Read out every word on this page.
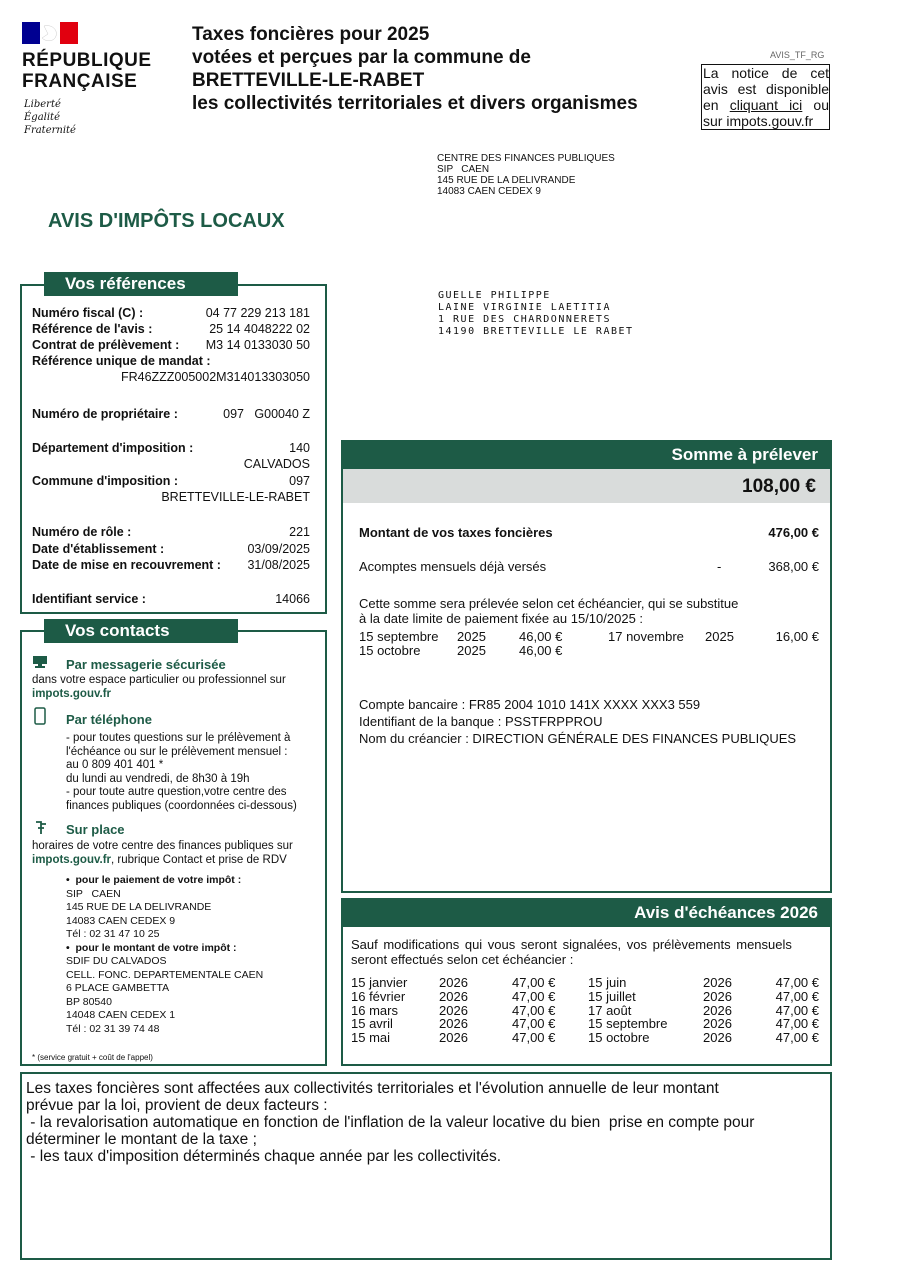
RÉPUBLIQUE
FRANÇAISE
Liberté
Égalité
Fraternité
Taxes foncières pour 2025
votées et perçues par la commune de
BRETTEVILLE-LE-RABET
les collectivités territoriales et divers organismes
AVIS_TF_RG
La notice de cet avis est disponible en cliquant ici ou sur impots.gouv.fr
CENTRE DES FINANCES PUBLIQUES
SIP   CAEN
145 RUE DE LA DELIVRANDE
14083 CAEN CEDEX 9
AVIS D'IMPÔTS LOCAUX
GUELLE PHILIPPE
LAINE VIRGINIE LAETITIA
1 RUE DES CHARDONNERETS
14190 BRETTEVILLE LE RABET
Vos références
Numéro fiscal (C) :	04 77 229 213 181
Référence de l'avis :	25 14 4048222 02
Contrat de prélèvement : M3 14 0133030 50
Référence unique de mandat :
FR46ZZZ005002M314013303050
Numéro de propriétaire :	097   G00040 Z
Département d'imposition :	140
CALVADOS
Commune d'imposition :	097
BRETTEVILLE-LE-RABET
Numéro de rôle :	221
Date d'établissement :	03/09/2025
Date de mise en recouvrement : 31/08/2025
Identifiant service :	14066
Vos contacts
Par messagerie sécurisée
dans votre espace particulier ou professionnel sur
impots.gouv.fr
Par téléphone
- pour toutes questions sur le prélèvement à
l'échéance ou sur le prélèvement mensuel :
au 0 809 401 401 *
du lundi au vendredi, de 8h30 à 19h
- pour toute autre question,votre centre des
finances publiques (coordonnées ci-dessous)
Sur place
horaires de votre centre des finances publiques sur
impots.gouv.fr, rubrique Contact et prise de RDV
•  pour le paiement de votre impôt :
SIP   CAEN
145 RUE DE LA DELIVRANDE
14083 CAEN CEDEX 9
Tél : 02 31 47 10 25
•  pour le montant de votre impôt :
SDIF DU CALVADOS
CELL. FONC. DEPARTEMENTALE CAEN
6 PLACE GAMBETTA
BP 80540
14048 CAEN CEDEX 1
Tél : 02 31 39 74 48
* (service gratuit + coût de l'appel)
Somme à prélever
108,00 €
Montant de vos taxes foncières	476,00 €
Acomptes mensuels déjà versés	-	368,00 €
Cette somme sera prélevée selon cet échéancier, qui se substitue
à la date limite de paiement fixée au 15/10/2025 :
15 septembre 2025	46,00 €
15 octobre	2025	46,00 €
17 novembre 2025	16,00 €
Compte bancaire : FR85 2004 1010 141X XXXX XXX3 559
Identifiant de la banque : PSSTFRPPROU
Nom du créancier : DIRECTION GÉNÉRALE DES FINANCES PUBLIQUES
Avis d'échéances 2026
Sauf modifications qui vous seront signalées, vos prélèvements mensuels
seront effectués selon cet échéancier :
15 janvier 2026	47,00 €
16 février	2026	47,00 €
16 mars	2026	47,00 €
15 avril	2026	47,00 €
15 mai	2026	47,00 €
15 juin	2026	47,00 €
15 juillet	2026	47,00 €
17 août	2026	47,00 €
15 septembre	2026	47,00 €
15 octobre	2026	47,00 €
Les taxes foncières sont affectées aux collectivités territoriales et l'évolution annuelle de leur montant
prévue par la loi, provient de deux facteurs :
- la revalorisation automatique en fonction de l'inflation de la valeur locative du bien  prise en compte pour
déterminer le montant de la taxe ;
- les taux d'imposition déterminés chaque année par les collectivités.
